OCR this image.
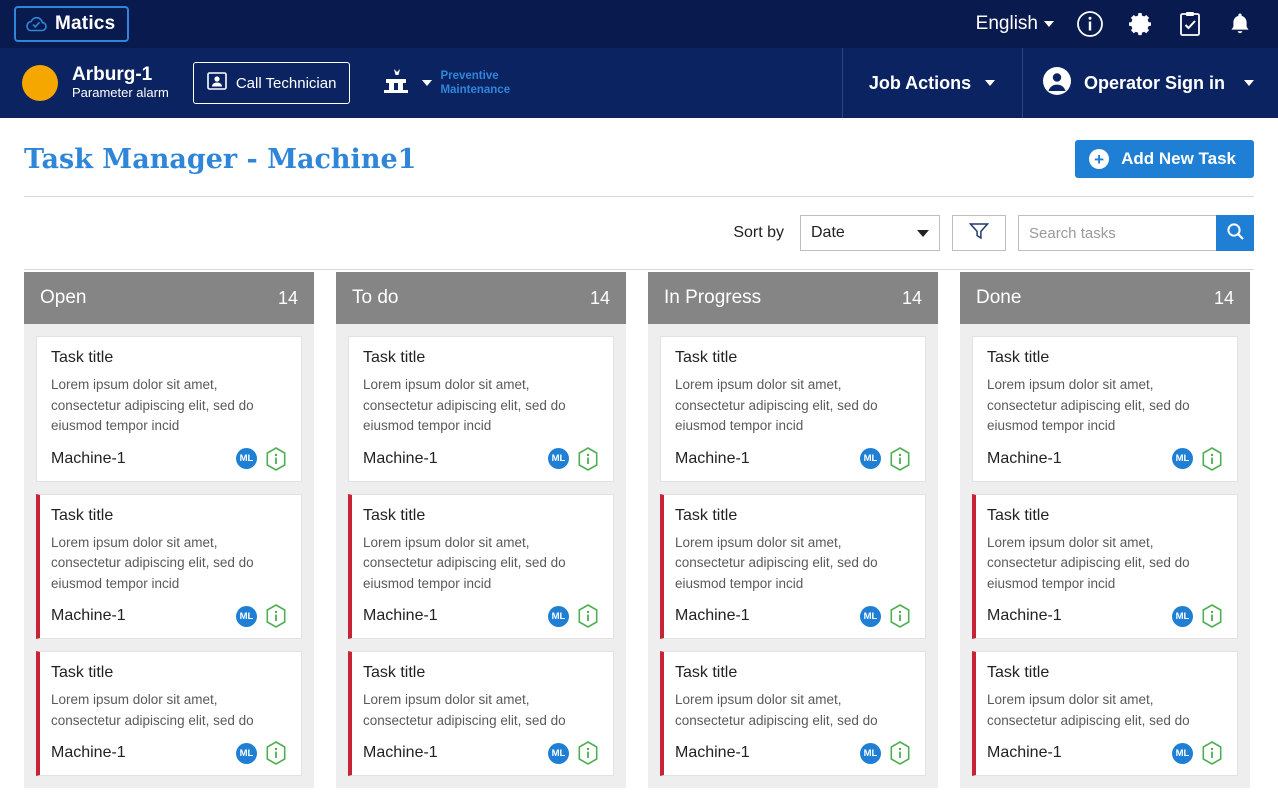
Matics	English
Arburg-1
Parameter alarm
Call Technician	Preventive
Maintenance	Job Actions	Operator Sign in
Task Manager - Machine1	+ Add New Task
Sort by Date
Search tasks
Open	14
Task title
Lorem ipsum dolor sit amet, consectetur adipiscing elit, sed do eiusmod tempor incid
Machine-1	ML
Task title
Lorem ipsum dolor sit amet, consectetur adipiscing elit, sed do eiusmod tempor incid
Machine-1	ML
Task title
Lorem ipsum dolor sit amet, consectetur adipiscing elit, sed do
Machine-1	ML
To do	14
Task title
Lorem ipsum dolor sit amet, consectetur adipiscing elit, sed do eiusmod tempor incid
Machine-1	ML
Task title
Lorem ipsum dolor sit amet, consectetur adipiscing elit, sed do eiusmod tempor incid
Machine-1	ML
Task title
Lorem ipsum dolor sit amet, consectetur adipiscing elit, sed do
Machine-1	ML
In Progress	14
Task title
Lorem ipsum dolor sit amet, consectetur adipiscing elit, sed do eiusmod tempor incid
Machine-1	ML
Task title
Lorem ipsum dolor sit amet, consectetur adipiscing elit, sed do eiusmod tempor incid
Machine-1	ML
Task title
Lorem ipsum dolor sit amet, consectetur adipiscing elit, sed do
Machine-1	ML
Done	14
Task title
Lorem ipsum dolor sit amet, consectetur adipiscing elit, sed do eiusmod tempor incid
Machine-1	ML
Task title
Lorem ipsum dolor sit amet, consectetur adipiscing elit, sed do eiusmod tempor incid
Machine-1	ML
Task title
Lorem ipsum dolor sit amet, consectetur adipiscing elit, sed do
Machine-1	ML
